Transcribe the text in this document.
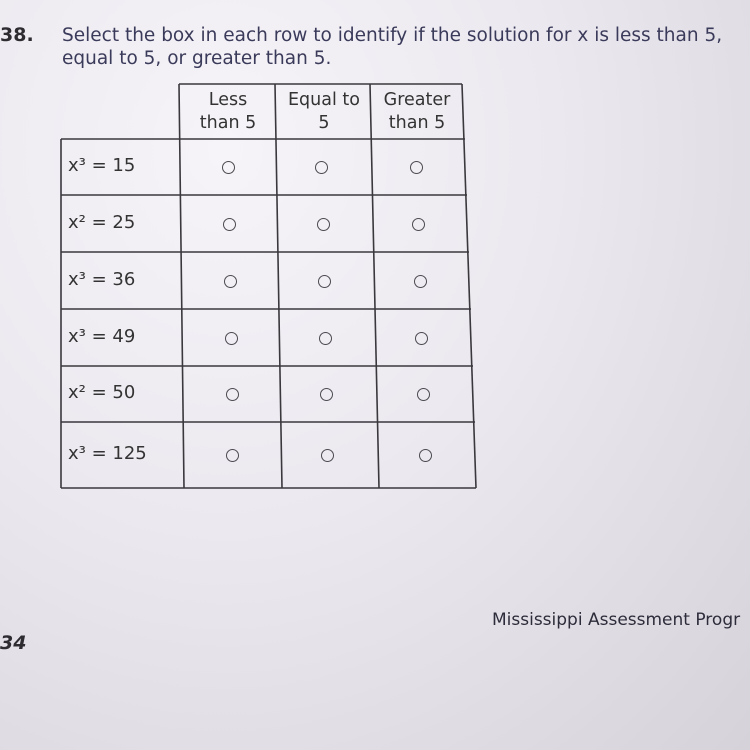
38. Select the box in each row to identify if the solution for x is less than 5,
equal to 5, or greater than 5.
Less
than 5
Equal to
5
Greater
than 5
x³ = 15
x² = 25
x³ = 36
x³ = 49
x² = 50
x³ = 125
Mississippi Assessment Progr
34
